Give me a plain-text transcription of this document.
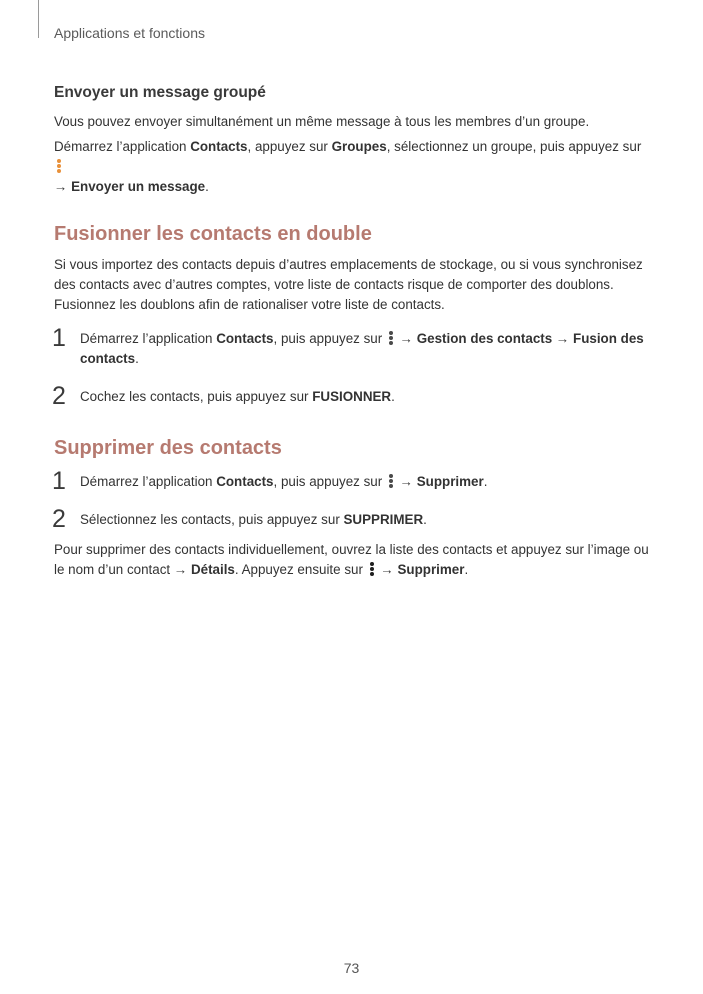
Applications et fonctions
Envoyer un message groupé

Vous pouvez envoyer simultanément un même message à tous les membres d’un groupe.

Démarrez l’application Contacts, appuyez sur Groupes, sélectionnez un groupe, puis appuyez sur

→ Envoyer un message.

Fusionner les contacts en double

Si vous importez des contacts depuis d’autres emplacements de stockage, ou si vous synchronisez des contacts avec d’autres comptes, votre liste de contacts risque de comporter des doublons. Fusionnez les doublons afin de rationaliser votre liste de contacts.

1 Démarrez l’application Contacts, puis appuyez sur
→ Gestion des contacts → Fusion des contacts.

2 Cochez les contacts, puis appuyez sur FUSIONNER.

Supprimer des contacts
1 Démarrez l’application Contacts, puis appuyez sur
→ Supprimer.

2 Sélectionnez les contacts, puis appuyez sur SUPPRIMER.

Pour supprimer des contacts individuellement, ouvrez la liste des contacts et appuyez sur l’image ou le nom d’un contact → Détails. Appuyez ensuite sur
→ Supprimer.

73
